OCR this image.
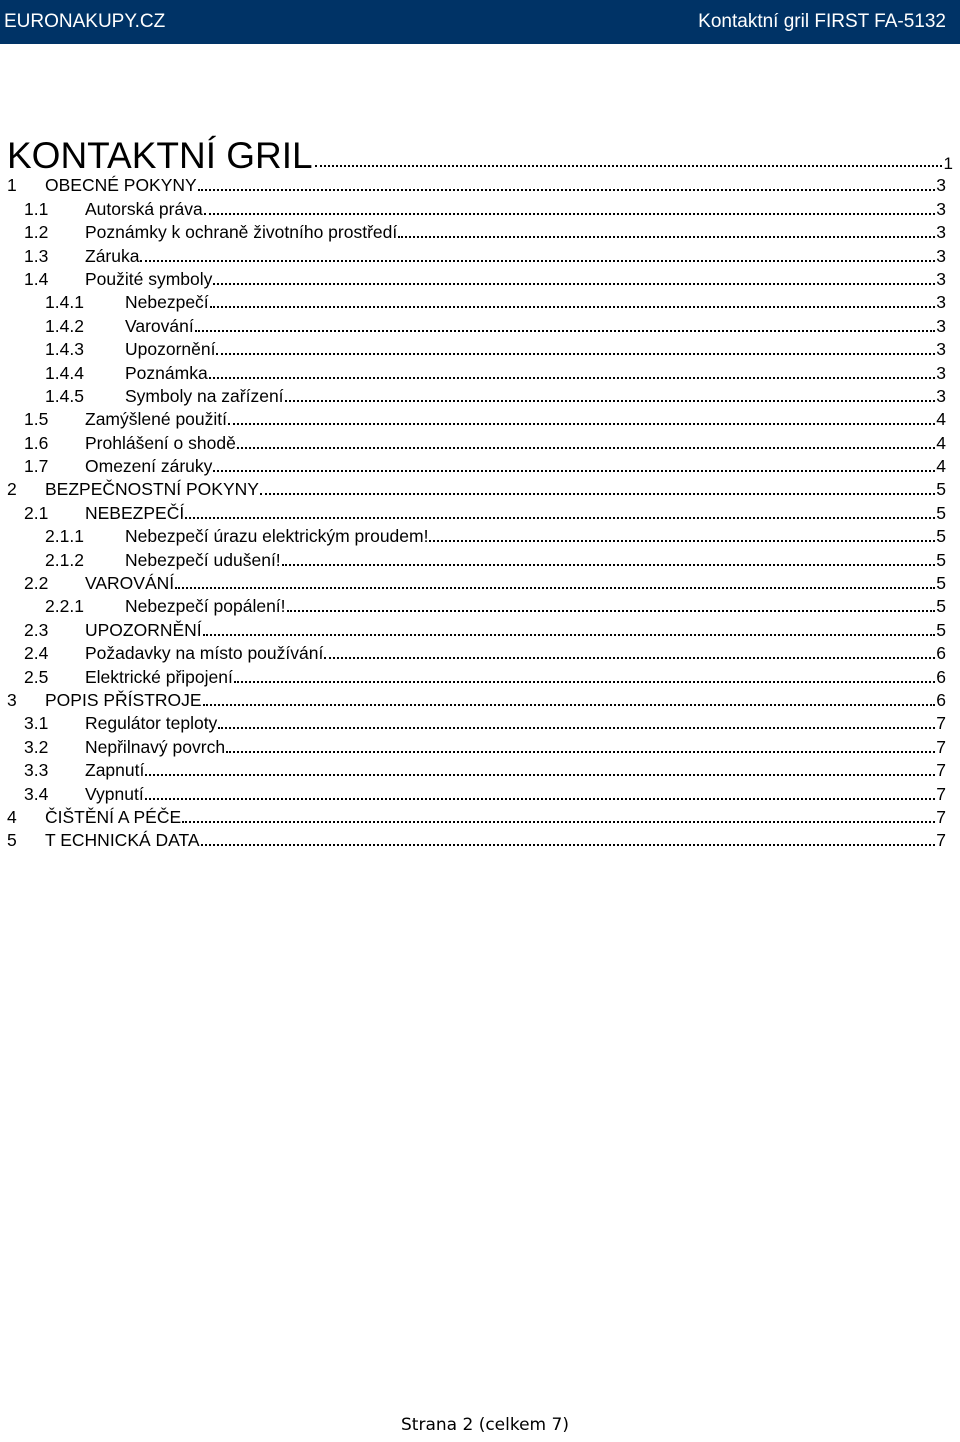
EURONAKUPY.CZ	Kontaktní gril FIRST FA-5132
KONTAKTNÍ GRIL	1
1	OBECNÉ POKYNY	3
1.1	Autorská práva	3
1.2	Poznámky k ochraně životního prostředí	3
1.3	Záruka	3
1.4	Použité symboly	3
1.4.1	Nebezpečí	3
1.4.2	Varování	3
1.4.3	Upozornění	3
1.4.4	Poznámka	3
1.4.5	Symboly na zařízení	3
1.5	Zamýšlené použití	4
1.6	Prohlášení o shodě	4
1.7	Omezení záruky	4
2	BEZPEČNOSTNÍ POKYNY	5
2.1	NEBEZPEČÍ	5
2.1.1	Nebezpečí úrazu elektrickým proudem!	5
2.1.2	Nebezpečí udušení!	5
2.2	VAROVÁNÍ	5
2.2.1	Nebezpečí popálení!	5
2.3	UPOZORNĚNÍ	5
2.4	Požadavky na místo používání	6
2.5	Elektrické připojení	6
3	POPIS PŘÍSTROJE	6
3.1	Regulátor teploty	7
3.2	Nepřilnavý povrch	7
3.3	Zapnutí	7
3.4	Vypnutí	7
4	ČIŠTĚNÍ A PÉČE	7
5	T ECHNICKÁ DATA	7
Strana 2 (celkem 7)
